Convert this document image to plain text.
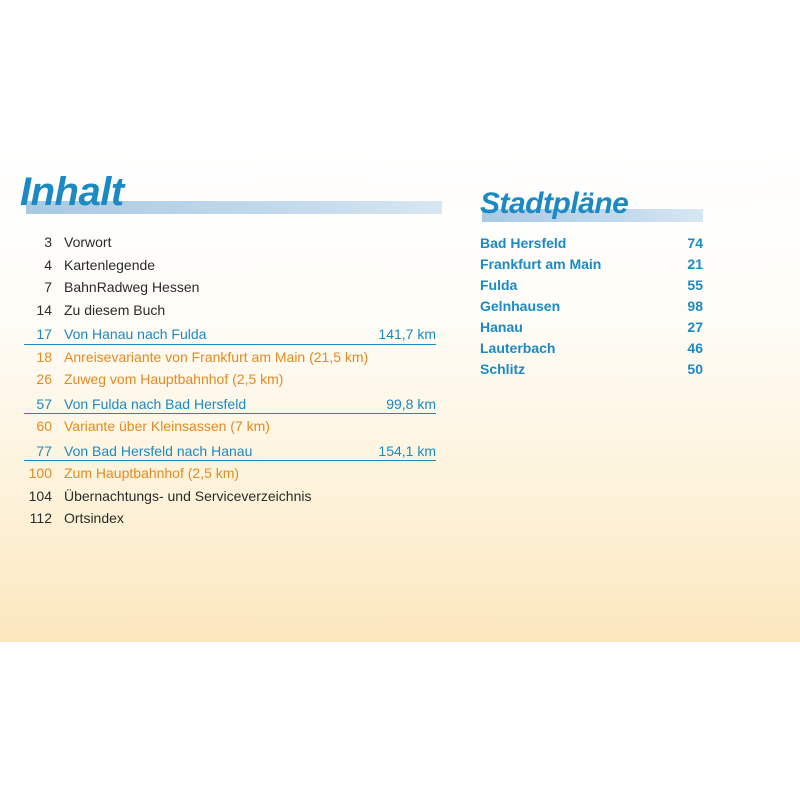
Inhalt	Stadtpläne
3 Vorwort
4 Kartenlegende
7 BahnRadweg Hessen
14 Zu diesem Buch
17 Von Hanau nach Fulda	141,7 km
18 Anreisevariante von Frankfurt am Main (21,5 km)
26 Zuweg vom Hauptbahnhof (2,5 km)
57 Von Fulda nach Bad Hersfeld	99,8 km
60 Variante über Kleinsassen (7 km)
77 Von Bad Hersfeld nach Hanau	154,1 km
100 Zum Hauptbahnhof (2,5 km)
104 Übernachtungs- und Serviceverzeichnis
112 Ortsindex
Bad Hersfeld	74
Frankfurt am Main	21
Fulda	55
Gelnhausen	98
Hanau	27
Lauterbach	46
Schlitz	50
